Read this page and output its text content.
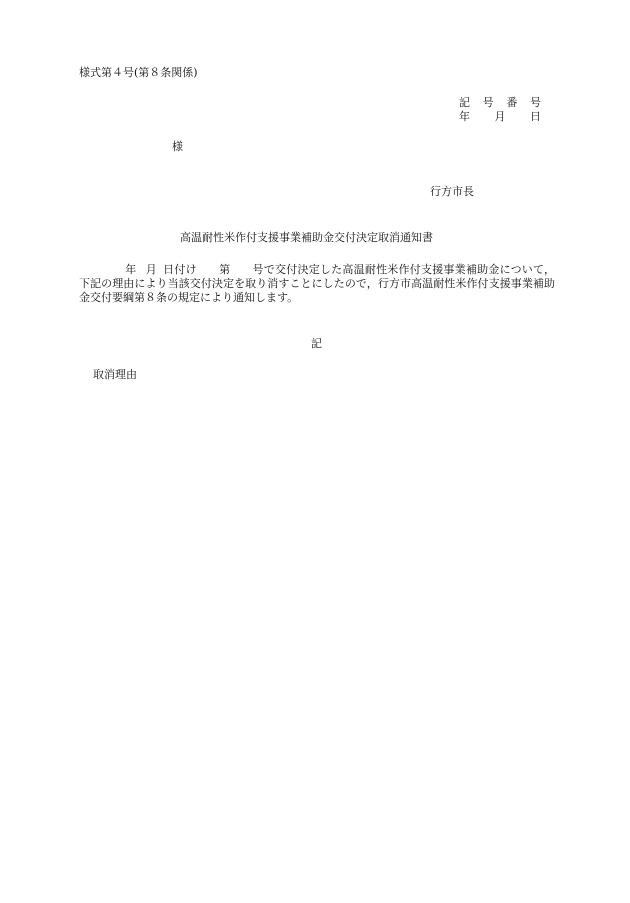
様式第４号(第８条関係)
記　号　番　号
年　　月　　日
様
行方市長
高温耐性米作付支援事業補助金交付決定取消通知書
年 月 日付け 第 号で交付決定した高温耐性米作付支援事業補助金について，下記の理由により当該交付決定を取り消すことにしたので，行方市高温耐性米作付支援事業補助金交付要綱第８条の規定により通知します。
記
取消理由
